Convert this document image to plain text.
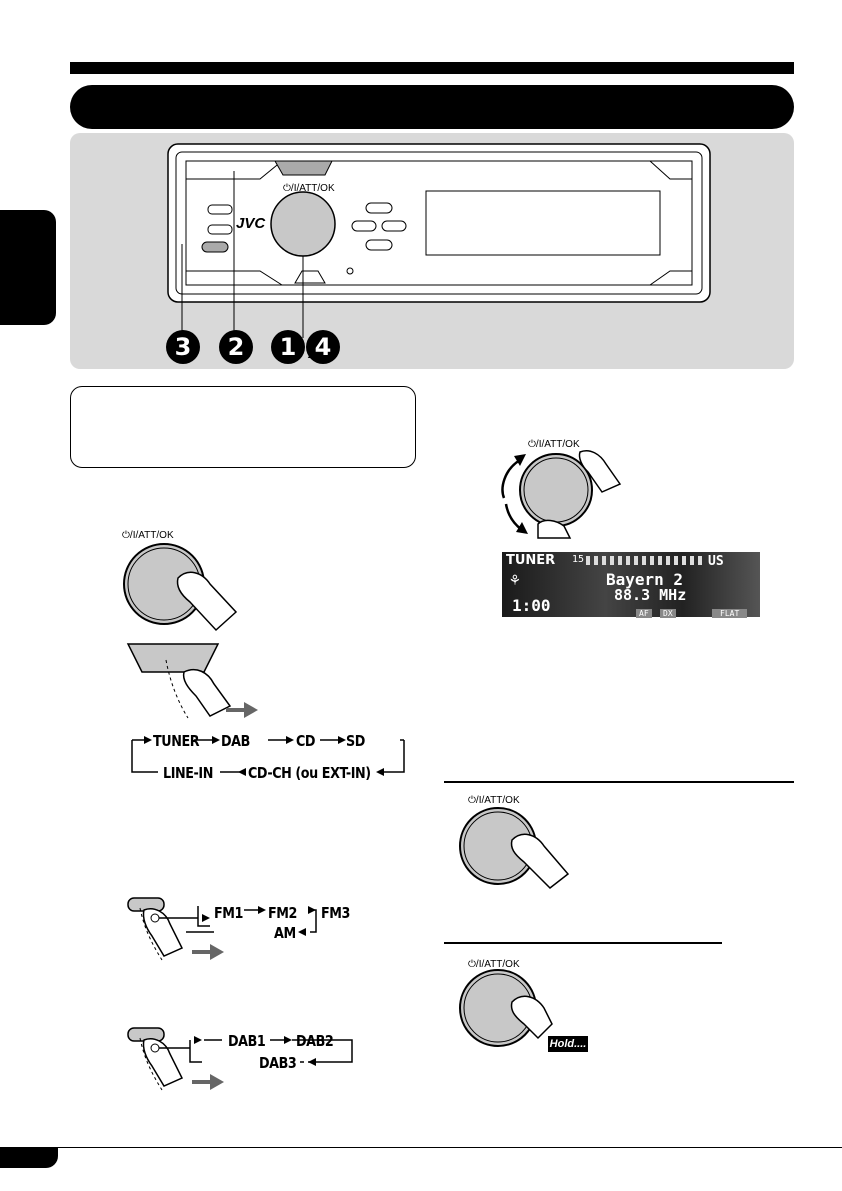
⏻/I/ATT/OK
JVC
3	2	1 4
⏻/I/ATT/OK
TUNER DAB	CD SD
LINE-IN CD-CH (ou EXT-IN)
FM1 FM2 FM3
AM
DAB1 DAB2
DAB3
⏻/I/ATT/OK
TUNER 15	US
⚘	Bayern 2
88.3 MHz
1:00	AF	DX	FLAT
⏻/I/ATT/OK
⏻/I/ATT/OK
Hold....
